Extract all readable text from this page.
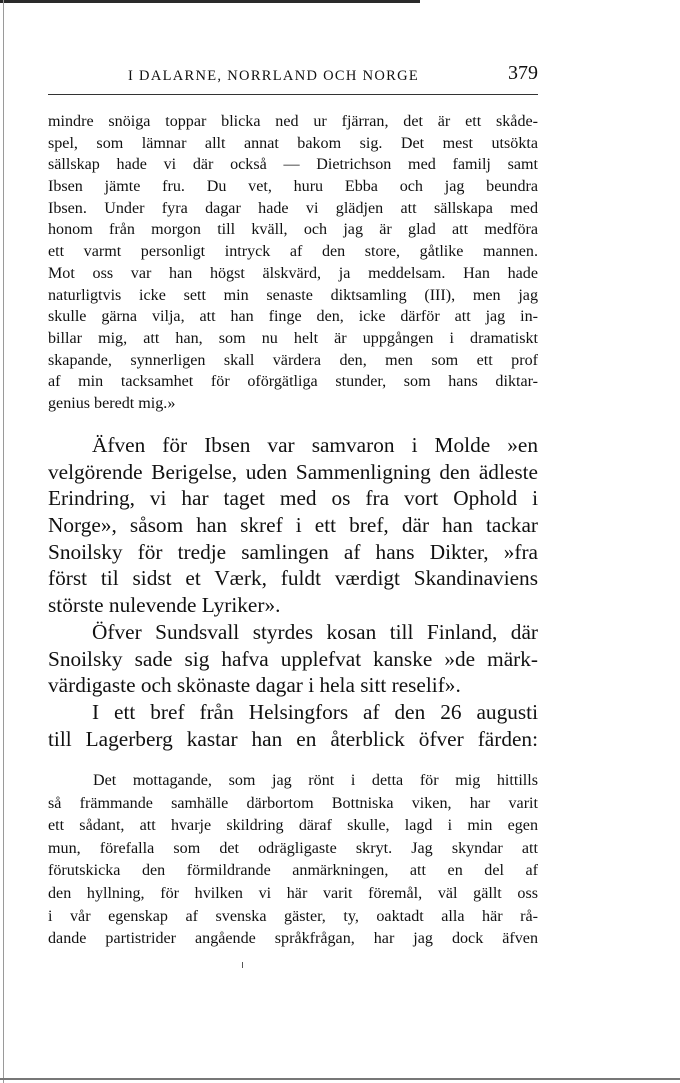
I DALARNE, NORRLAND OCH NORGE	379
mindre snöiga toppar blicka ned ur fjärran, det är ett skåde-
spel, som lämnar allt annat bakom sig. Det mest utsökta
sällskap hade vi där också — Dietrichson med familj samt
Ibsen jämte fru. Du vet, huru Ebba och jag beundra
Ibsen. Under fyra dagar hade vi glädjen att sällskapa med
honom från morgon till kväll, och jag är glad att medföra
ett varmt personligt intryck af den store, gåtlike mannen.
Mot oss var han högst älskvärd, ja meddelsam. Han hade
naturligtvis icke sett min senaste diktsamling (III), men jag
skulle gärna vilja, att han finge den, icke därför att jag in-
billar mig, att han, som nu helt är uppgången i dramatiskt
skapande, synnerligen skall värdera den, men som ett prof
af min tacksamhet för oförgätliga stunder, som hans diktar-
genius beredt mig.»
Äfven för Ibsen var samvaron i Molde »en
velgörende Berigelse, uden Sammenligning den ädleste
Erindring, vi har taget med os fra vort Ophold i
Norge», såsom han skref i ett bref, där han tackar
Snoilsky för tredje samlingen af hans Dikter, »fra
först til sidst et Værk, fuldt værdigt Skandinaviens
störste nulevende Lyriker».
Öfver Sundsvall styrdes kosan till Finland, där
Snoilsky sade sig hafva upplefvat kanske »de märk-
värdigaste och skönaste dagar i hela sitt reselif».
I ett bref från Helsingfors af den 26 augusti
till Lagerberg kastar han en återblick öfver färden:
Det mottagande, som jag rönt i detta för mig hittills
så främmande samhälle därbortom Bottniska viken, har varit
ett sådant, att hvarje skildring däraf skulle, lagd i min egen
mun, förefalla som det odrägligaste skryt. Jag skyndar att
förutskicka den förmildrande anmärkningen, att en del af
den hyllning, för hvilken vi här varit föremål, väl gällt oss
i vår egenskap af svenska gäster, ty, oaktadt alla här rå-
dande partistrider angående språkfrågan, har jag dock äfven
